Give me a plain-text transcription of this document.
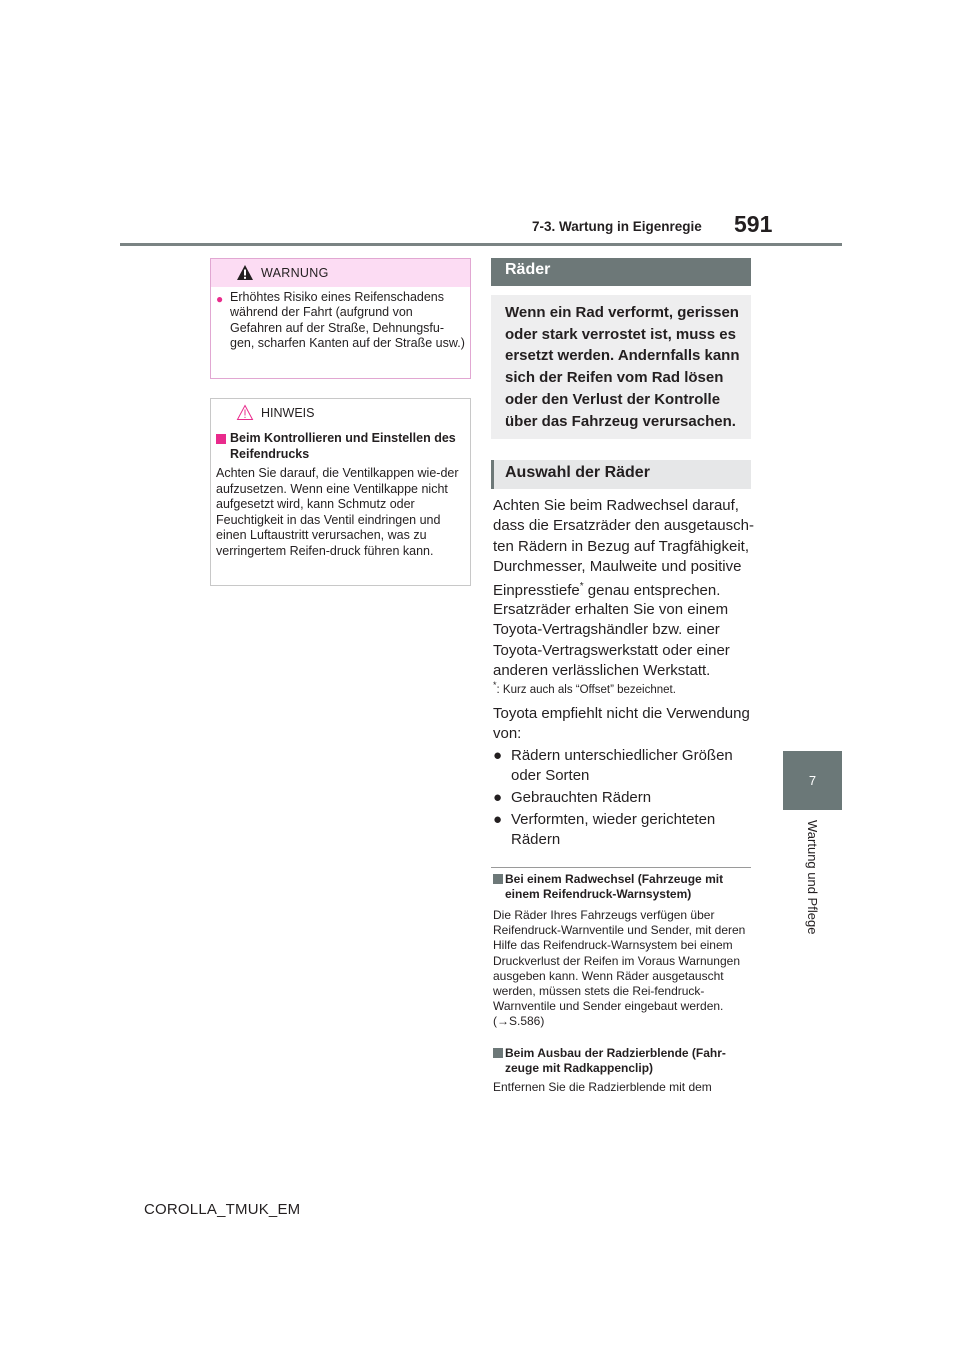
7-3. Wartung in Eigenregie 591
7
Wartung und Pflege
WARNUNG
● Erhöhtes Risiko eines Reifenschadens während der Fahrt (aufgrund von Gefahren auf der Straße, Dehnungsfu-gen, scharfen Kanten auf der Straße usw.)
HINWEIS
Beim Kontrollieren und Einstellen des Reifendrucks
Achten Sie darauf, die Ventilkappen wie-der aufzusetzen. Wenn eine Ventilkappe nicht aufgesetzt wird, kann Schmutz oder Feuchtigkeit in das Ventil eindringen und einen Luftaustritt verursachen, was zu verringertem Reifen-druck führen kann.
Räder
Wenn ein Rad verformt, gerissen oder stark verrostet ist, muss es ersetzt werden. Andernfalls kann sich der Reifen vom Rad lösen oder den Verlust der Kontrolle über das Fahrzeug verursachen.
Auswahl der Räder
Achten Sie beim Radwechsel darauf, dass die Ersatzräder den ausgetausch-ten Rädern in Bezug auf Tragfähigkeit, Durchmesser, Maulweite und positive Einpresstiefe* genau entsprechen.
Ersatzräder erhalten Sie von einem Toyota-Vertragshändler bzw. einer Toyota-Vertragswerkstatt oder einer anderen verlässlichen Werkstatt.
*: Kurz auch als “Offset” bezeichnet.
Toyota empfiehlt nicht die Verwendung von:
● Rädern unterschiedlicher Größen oder Sorten
● Gebrauchten Rädern
● Verformten, wieder gerichteten Rädern
Bei einem Radwechsel (Fahrzeuge mit einem Reifendruck-Warnsystem)
Die Räder Ihres Fahrzeugs verfügen über Reifendruck-Warnventile und Sender, mit deren Hilfe das Reifendruck-Warnsystem bei einem Druckverlust der Reifen im Voraus Warnungen ausgeben kann. Wenn Räder ausgetauscht werden, müssen stets die Rei-fendruck-Warnventile und Sender eingebaut werden. (→S.586)
Beim Ausbau der Radzierblende (Fahr-zeuge mit Radkappenclip)
Entfernen Sie die Radzierblende mit dem
COROLLA_TMUK_EM
